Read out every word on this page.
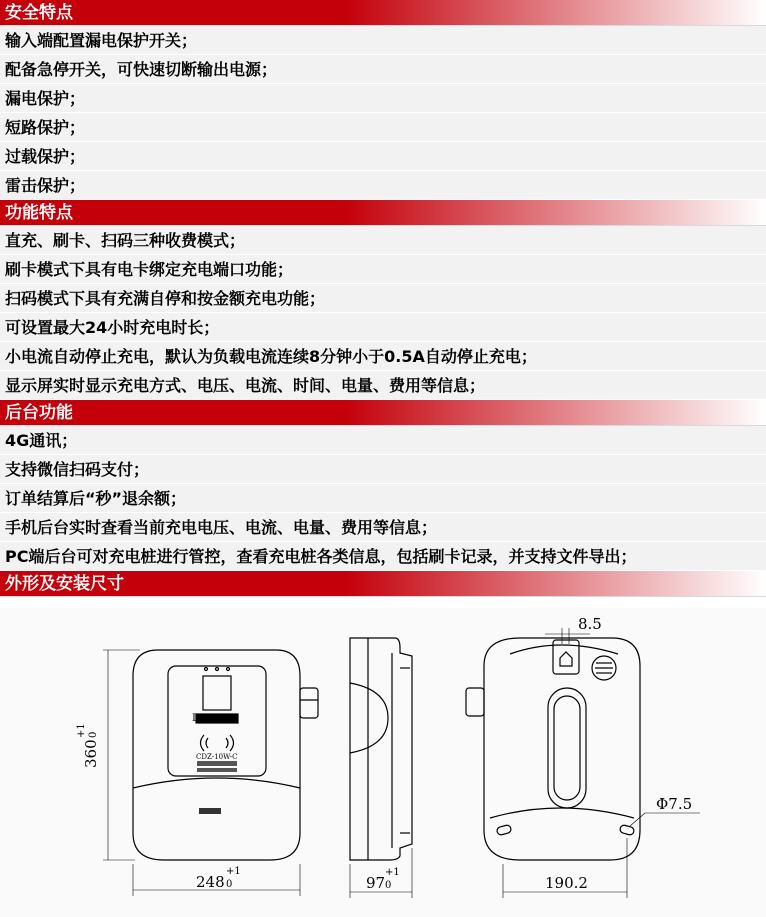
安全特点
输入端配置漏电保护开关；
配备急停开关，可快速切断输出电源；
漏电保护；
短路保护；
过载保护；
雷击保护；
功能特点
直充、刷卡、扫码三种收费模式；
刷卡模式下具有电卡绑定充电端口功能；
扫码模式下具有充满自停和按金额充电功能；
可设置最大24小时充电时长；
小电流自动停止充电，默认为负载电流连续8分钟小于0.5A自动停止充电；
显示屏实时显示充电方式、电压、电流、时间、电量、费用等信息；
后台功能
4G通讯；
支持微信扫码支付；
订单结算后“秒”退余额；
手机后台实时查看当前充电电压、电流、电量、费用等信息；
PC端后台可对充电桩进行管控，查看充电桩各类信息，包括刷卡记录，并支持文件导出；
外形及安装尺寸
DELIXI
CDZ-10W-C
360
+1 0
248
+1
0	97
+1
0
8.5
Φ7.5
190.2
